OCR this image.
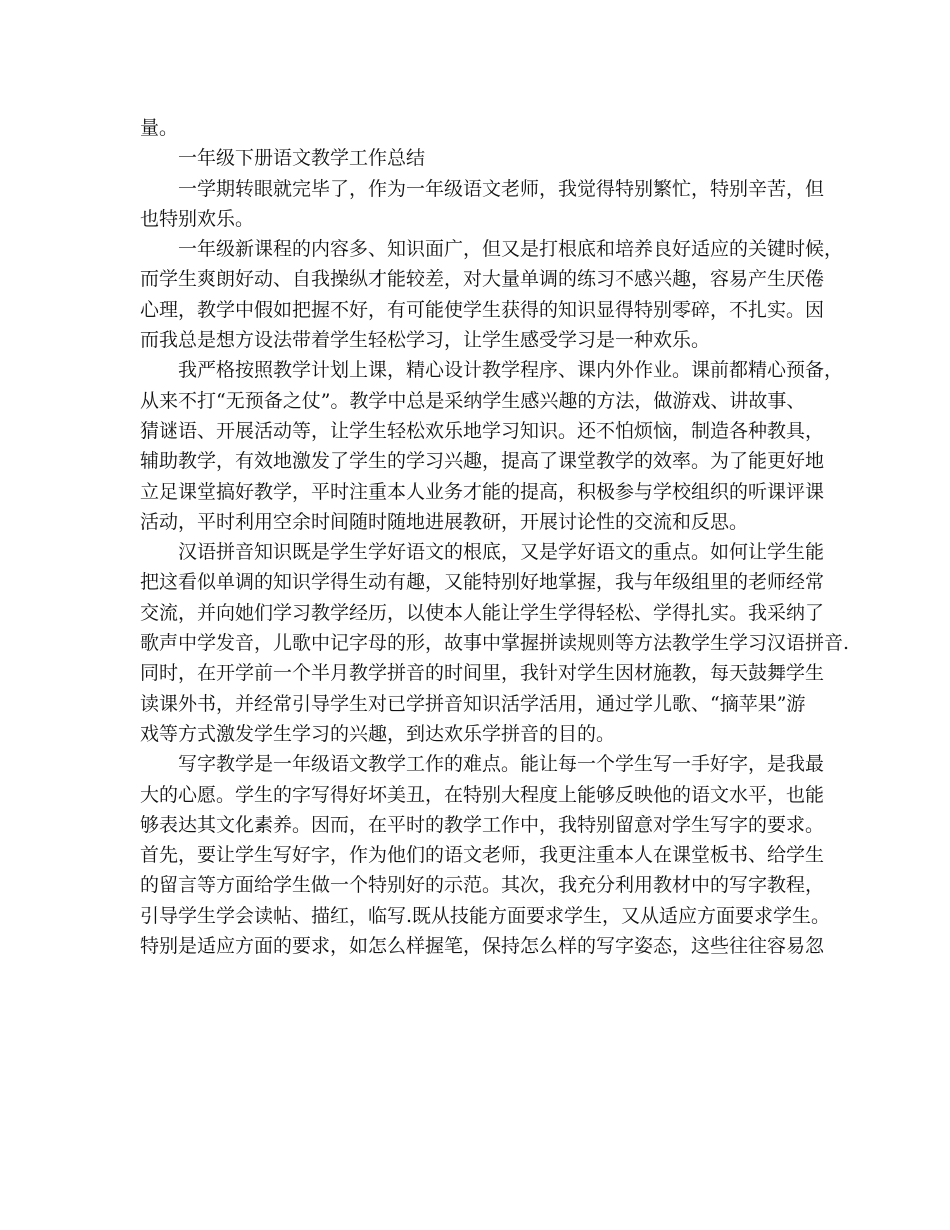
量。
一年级下册语文教学工作总结
一学期转眼就完毕了，作为一年级语文老师，我觉得特别繁忙，特别辛苦，但
也特别欢乐。
一年级新课程的内容多、知识面广，但又是打根底和培养良好适应的关键时候，
而学生爽朗好动、自我操纵才能较差，对大量单调的练习不感兴趣，容易产生厌倦
心理，教学中假如把握不好，有可能使学生获得的知识显得特别零碎，不扎实。因
而我总是想方设法带着学生轻松学习，让学生感受学习是一种欢乐。
我严格按照教学计划上课，精心设计教学程序、课内外作业。课前都精心预备，
从来不打“无预备之仗”。教学中总是采纳学生感兴趣的方法，做游戏、讲故事、
猜谜语、开展活动等，让学生轻松欢乐地学习知识。还不怕烦恼，制造各种教具，
辅助教学，有效地激发了学生的学习兴趣，提高了课堂教学的效率。为了能更好地
立足课堂搞好教学，平时注重本人业务才能的提高，积极参与学校组织的听课评课
活动，平时利用空余时间随时随地进展教研，开展讨论性的交流和反思。
汉语拼音知识既是学生学好语文的根底，又是学好语文的重点。如何让学生能
把这看似单调的知识学得生动有趣，又能特别好地掌握，我与年级组里的老师经常
交流，并向她们学习教学经历，以使本人能让学生学得轻松、学得扎实。我采纳了
歌声中学发音，儿歌中记字母的形，故事中掌握拼读规则等方法教学生学习汉语拼音.
同时，在开学前一个半月教学拼音的时间里，我针对学生因材施教，每天鼓舞学生
读课外书，并经常引导学生对已学拼音知识活学活用，通过学儿歌、“摘苹果”游
戏等方式激发学生学习的兴趣，到达欢乐学拼音的目的。
写字教学是一年级语文教学工作的难点。能让每一个学生写一手好字，是我最
大的心愿。学生的字写得好坏美丑，在特别大程度上能够反映他的语文水平，也能
够表达其文化素养。因而，在平时的教学工作中，我特别留意对学生写字的要求。
首先，要让学生写好字，作为他们的语文老师，我更注重本人在课堂板书、给学生
的留言等方面给学生做一个特别好的示范。其次，我充分利用教材中的写字教程，
引导学生学会读帖、描红，临写.既从技能方面要求学生，又从适应方面要求学生。
特别是适应方面的要求，如怎么样握笔，保持怎么样的写字姿态，这些往往容易忽
